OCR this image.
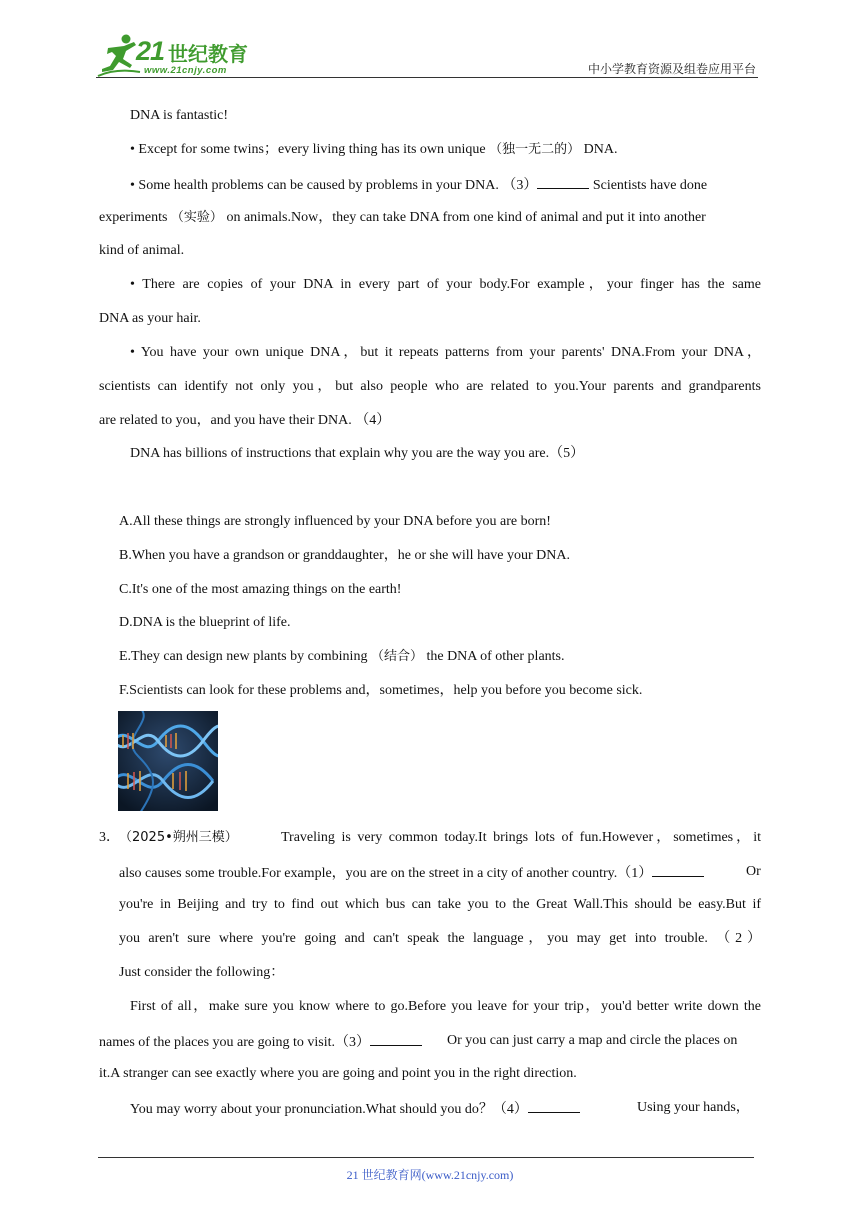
21 世纪教育
www.21cnjy.com	中小学教育资源及组卷应用平台
DNA is fantastic!
• Except for some twins；every living thing has its own unique （独一无二的） DNA.
• Some health problems can be caused by problems in your DNA. （3）	Scientists have done
experiments （实验） on animals.Now，they can take DNA from one kind of animal and put it into another
kind of animal.
• There are copies of your DNA in every part of your body.For example，your finger has the same
DNA as your hair.
• You have your own unique DNA，but it repeats patterns from your parents' DNA.From your DNA，
scientists can identify not only you，but also people who are related to you.Your parents and grandparents
are related to you，and you have their DNA. （4）
DNA has billions of instructions that explain why you are the way you are.（5）
A.All these things are strongly influenced by your DNA before you are born!
B.When you have a grandson or granddaughter，he or she will have your DNA.
C.It's one of the most amazing things on the earth!
D.DNA is the blueprint of life.
E.They can design new plants by combining （结合） the DNA of other plants.
F.Scientists can look for these problems and，sometimes，help you before you become sick.
3． （2025•朔州三模）	Traveling is very common today.It brings lots of fun.However，sometimes，it
also causes some trouble.For example，you are on the street in a city of another country.（1）	Or
you're in Beijing and try to find out which bus can take you to the Great Wall.This should be easy.But if
you aren't sure where you're going and can't speak the language，you may get into trouble. （2）
Just consider the following：
First of all，make sure you know where to go.Before you leave for your trip，you'd better write down the
names of the places you are going to visit.（3）	Or you can just carry a map and circle the places on
it.A stranger can see exactly where you are going and point you in the right direction.
You may worry about your pronunciation.What should you do？（4）	Using your hands，
21 世纪教育网(www.21cnjy.com)
